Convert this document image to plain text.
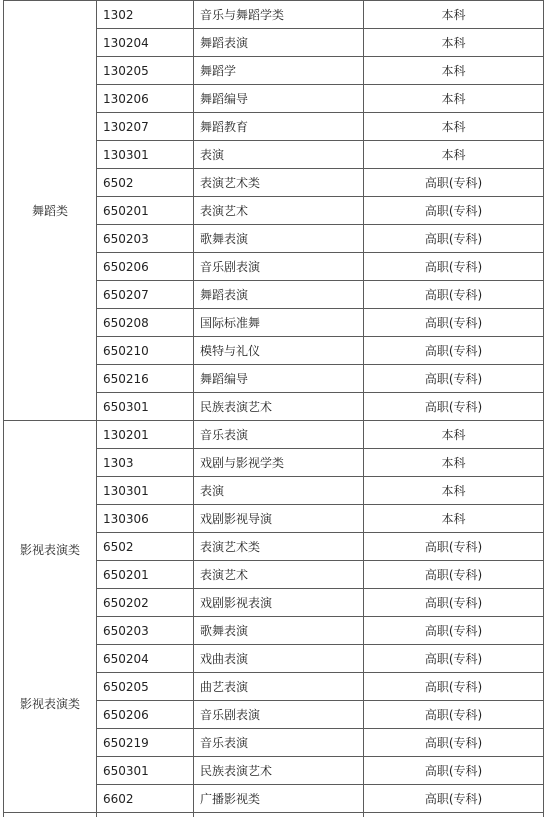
舞蹈类	1302	音乐与舞蹈学类	本科
	130204	舞蹈表演	本科
	130205	舞蹈学	本科
	130206	舞蹈编导	本科
	130207	舞蹈教育	本科
	130301	表演	本科
	6502	表演艺术类	高职(专科)
	650201	表演艺术	高职(专科)
	650203	歌舞表演	高职(专科)
	650206	音乐剧表演	高职(专科)
	650207	舞蹈表演	高职(专科)
	650208	国际标准舞	高职(专科)
	650210	模特与礼仪	高职(专科)
	650216	舞蹈编导	高职(专科)
	650301	民族表演艺术	高职(专科)

影视表演类
影视表演类	130201	音乐表演	本科
	1303	戏剧与影视学类	本科
	130301	表演	本科
	130306	戏剧影视导演	本科
	6502	表演艺术类	高职(专科)
	650201	表演艺术	高职(专科)
	650202	戏剧影视表演	高职(专科)
	650203	歌舞表演	高职(专科)
	650204	戏曲表演	高职(专科)
	650205	曲艺表演	高职(专科)
	650206	音乐剧表演	高职(专科)
	650219	音乐表演	高职(专科)
	650301	民族表演艺术	高职(专科)
	6602	广播影视类	高职(专科)
